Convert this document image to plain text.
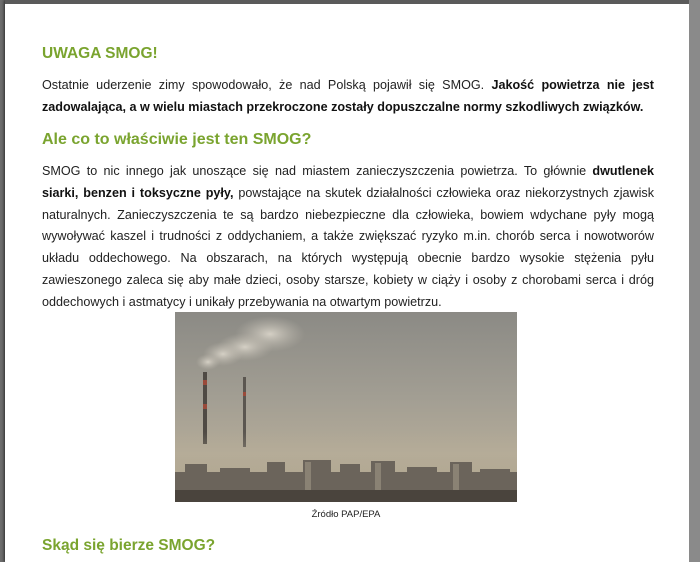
UWAGA SMOG!

Ostatnie uderzenie zimy spowodowało, że nad Polską pojawił się SMOG. Jakość powietrza nie jest zadowalająca, a w wielu miastach przekroczone zostały dopuszczalne normy szkodliwych związków.

Ale co to właściwie jest ten SMOG?

SMOG to nic innego jak unoszące się nad miastem zanieczyszczenia powietrza. To głównie dwutlenek siarki, benzen i toksyczne pyły, powstające na skutek działalności człowieka oraz niekorzystnych zjawisk naturalnych. Zanieczyszczenia te są bardzo niebezpieczne dla człowieka, bowiem wdychane pyły mogą wywoływać kaszel i trudności z oddychaniem, a także zwiększać ryzyko m.in. chorób serca i nowotworów układu oddechowego. Na obszarach, na których występują obecnie bardzo wysokie stężenia pyłu zawieszonego zaleca się aby małe dzieci, osoby starsze, kobiety w ciąży i osoby z chorobami serca i dróg oddechowych i astmatycy i unikały przebywania na otwartym powietrzu.

Źródło PAP/EPA
Skąd się bierze SMOG?
